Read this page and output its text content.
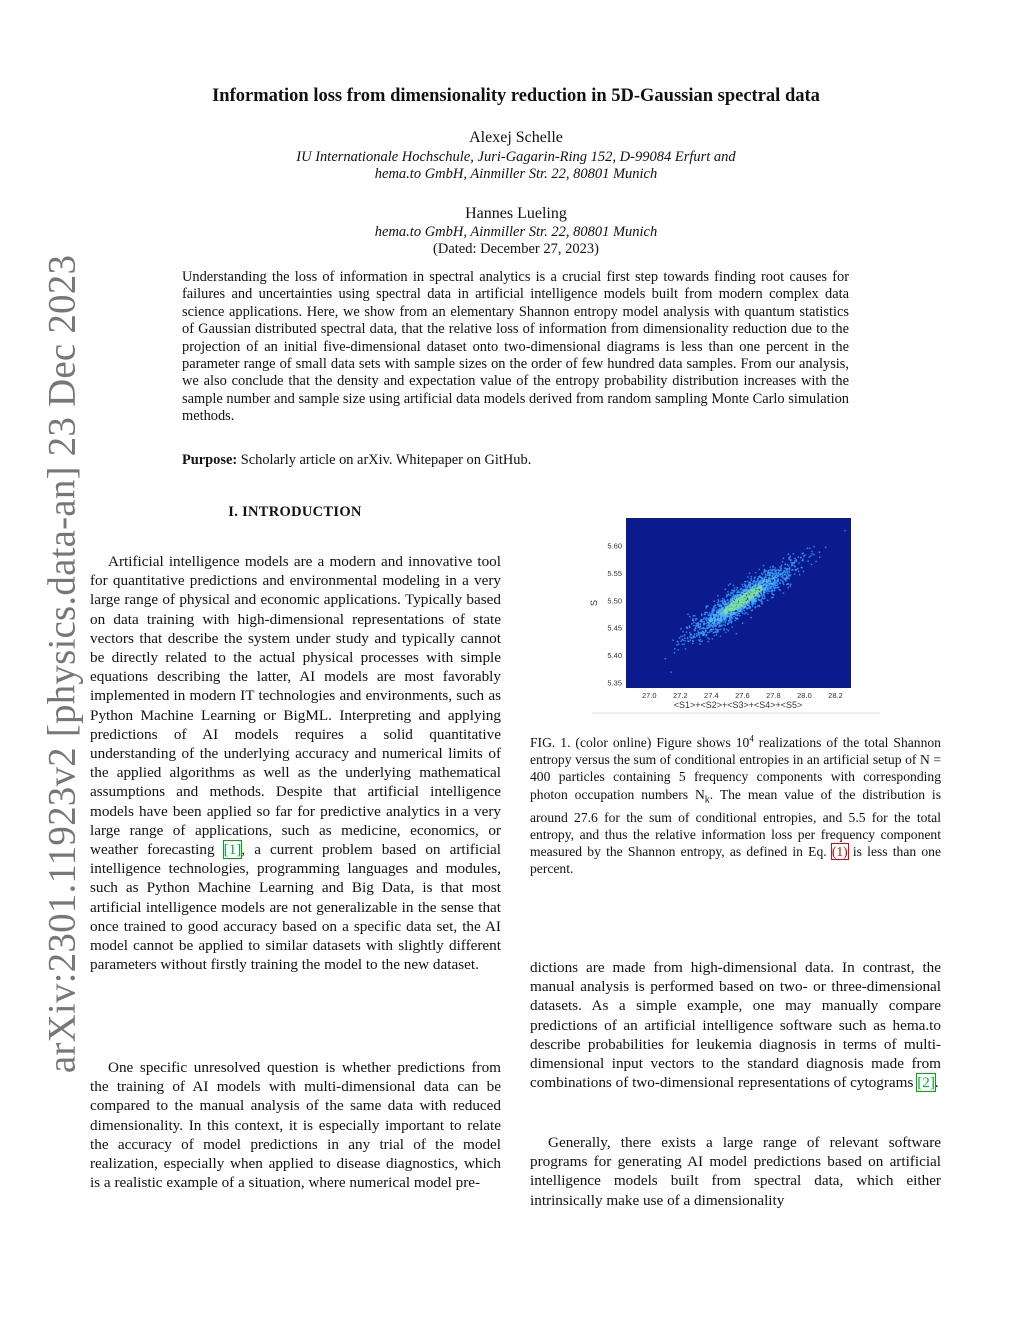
arXiv:2301.11923v2 [physics.data-an] 23 Dec 2023
Information loss from dimensionality reduction in 5D-Gaussian spectral data
Alexej Schelle
IU Internationale Hochschule, Juri-Gagarin-Ring 152, D-99084 Erfurt and
hema.to GmbH, Ainmiller Str. 22, 80801 Munich
Hannes Lueling
hema.to GmbH, Ainmiller Str. 22, 80801 Munich
(Dated: December 27, 2023)
Understanding the loss of information in spectral analytics is a crucial first step towards finding root causes for failures and uncertainties using spectral data in artificial intelligence models built from modern complex data science applications. Here, we show from an elementary Shannon entropy model analysis with quantum statistics of Gaussian distributed spectral data, that the relative loss of information from dimensionality reduction due to the projection of an initial five-dimensional dataset onto two-dimensional diagrams is less than one percent in the parameter range of small data sets with sample sizes on the order of few hundred data samples. From our analysis, we also conclude that the density and expectation value of the entropy probability distribution increases with the sample number and sample size using artificial data models derived from random sampling Monte Carlo simulation methods.
Purpose: Scholarly article on arXiv. Whitepaper on GitHub.
I. INTRODUCTION
Artificial intelligence models are a modern and innovative tool for quantitative predictions and environmental modeling in a very large range of physical and economic applications. Typically based on data training with high-dimensional representations of state vectors that describe the system under study and typically cannot be directly related to the actual physical processes with simple equations describing the latter, AI models are most favorably implemented in modern IT technologies and environments, such as Python Machine Learning or BigML. Interpreting and applying predictions of AI models requires a solid quantitative understanding of the underlying accuracy and numerical limits of the applied algorithms as well as the underlying mathematical assumptions and methods. Despite that artificial intelligence models have been applied so far for predictive analytics in a very large range of applications, such as medicine, economics, or weather forecasting [1], a current problem based on artificial intelligence technologies, programming languages and modules, such as Python Machine Learning and Big Data, is that most artificial intelligence models are not generalizable in the sense that once trained to good accuracy based on a specific data set, the AI model cannot be applied to similar datasets with slightly different parameters without firstly training the model to the new dataset.
One specific unresolved question is whether predictions from the training of AI models with multi-dimensional data can be compared to the manual analysis of the same data with reduced dimensionality. In this context, it is especially important to relate the accuracy of model predictions in any trial of the model realization, especially when applied to disease diagnostics, which is a realistic example of a situation, where numerical model pre-
5.35
5.40
5.45
5.50
5.55
5.60
27.0 27.2 27.4 27.6 27.8 28.0 28.2
S
<S1>+<S2>+<S3>+<S4>+<S5>
FIG. 1. (color online) Figure shows $10^4$ realizations of the total Shannon entropy versus the sum of conditional entropies in an artificial setup of N = 400 particles containing 5 frequency components with corresponding photon occupation numbers $N_k$. The mean value of the distribution is around 27.6 for the sum of conditional entropies, and 5.5 for the total entropy, and thus the relative information loss per frequency component measured by the Shannon entropy, as defined in Eq. (1) is less than one percent.
dictions are made from high-dimensional data. In contrast, the manual analysis is performed based on two- or three-dimensional datasets. As a simple example, one may manually compare predictions of an artificial intelligence software such as hema.to describe probabilities for leukemia diagnosis in terms of multi-dimensional input vectors to the standard diagnosis made from combinations of two-dimensional representations of cytograms [2].
Generally, there exists a large range of relevant software programs for generating AI model predictions based on artificial intelligence models built from spectral data, which either intrinsically make use of a dimensionality
